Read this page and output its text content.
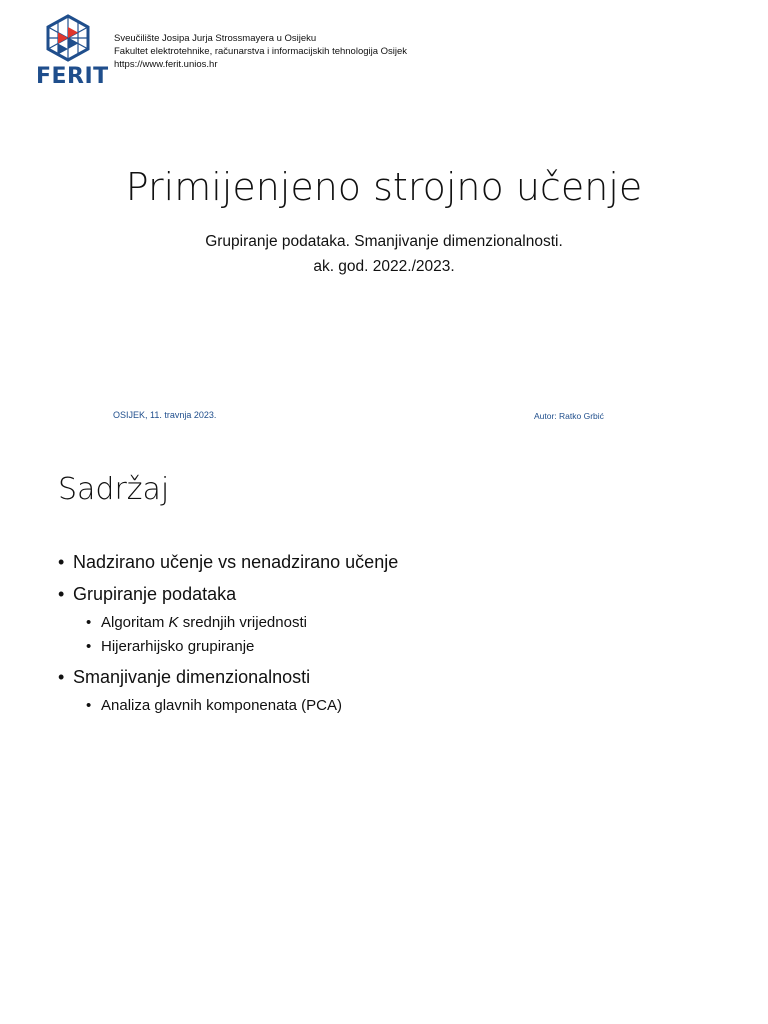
FERIT
Sveučilište Josipa Jurja Strossmayera u Osijeku
Fakultet elektrotehnike, računarstva i informacijskih tehnologija Osijek
https://www.ferit.unios.hr
Primijenjeno strojno učenje
Grupiranje podataka. Smanjivanje dimenzionalnosti.
ak. god. 2022./2023.
OSIJEK, 11. travnja 2023.	Autor: Ratko Grbić
Sadržaj
• Nadzirano učenje vs nenadzirano učenje
• Grupiranje podataka
• Algoritam K srednjih vrijednosti
• Hijerarhijsko grupiranje
• Smanjivanje dimenzionalnosti
• Analiza glavnih komponenata (PCA)
